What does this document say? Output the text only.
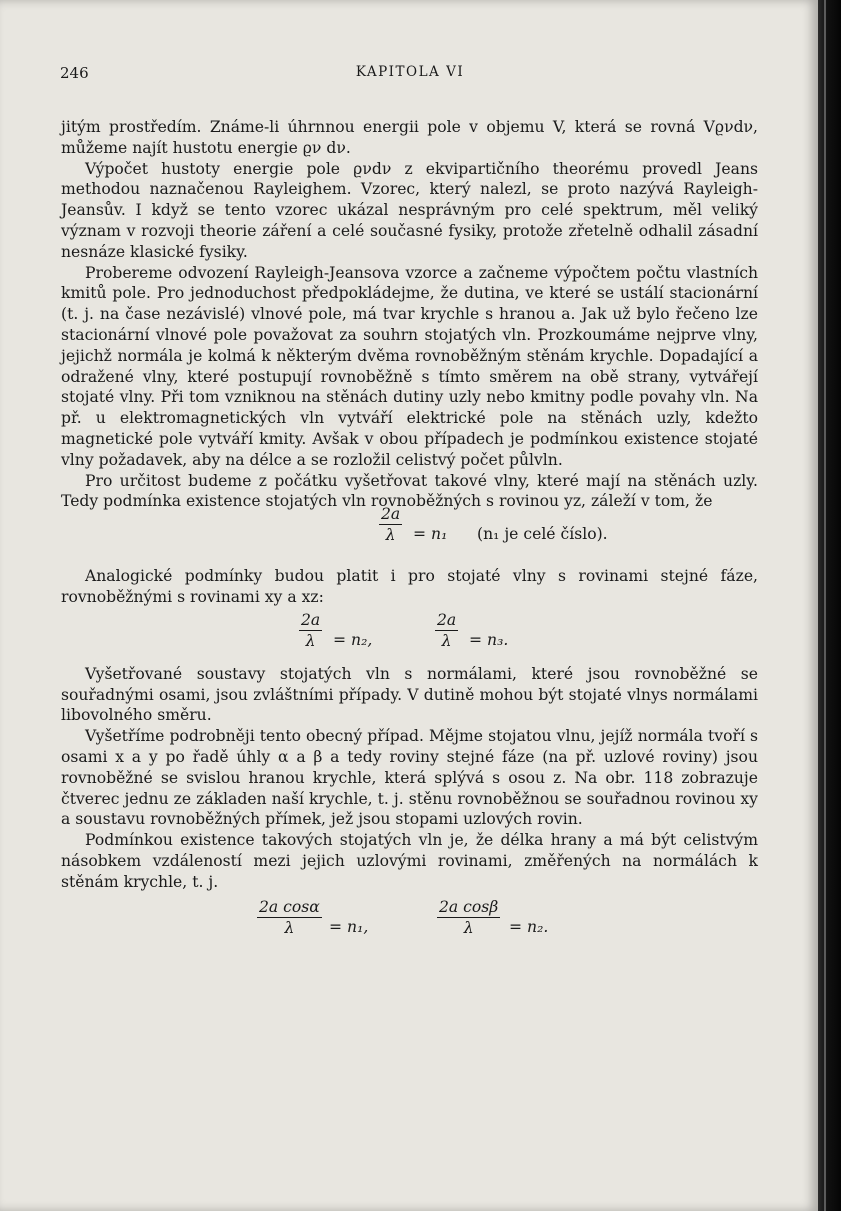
246	KAPITOLA VI

jitým prostředím. Známe-li úhrnnou energii pole v objemu V, která se rovná Vϱνdν, můžeme najít hustotu energie ϱν dν.

Výpočet hustoty energie pole ϱνdν z ekvipartičního theorému provedl Jeans methodou naznačenou Rayleighem. Vzorec, který nalezl, se proto nazývá Rayleigh-Jeansův. I když se tento vzorec ukázal nesprávným pro celé spektrum, měl veliký význam v rozvoji theorie záření a celé současné fysiky, protože zřetelně odhalil zásadní nesnáze klasické fysiky.

Probereme odvození Rayleigh-Jeansova vzorce a začneme výpočtem počtu vlastních kmitů pole. Pro jednoduchost předpokládejme, že dutina, ve které se ustálí stacionární (t. j. na čase nezávislé) vlnové pole, má tvar krychle s hranou a. Jak už bylo řečeno lze stacionární vlnové pole považovat za souhrn stojatých vln. Prozkoumáme nejprve vlny, jejichž normála je kolmá k některým dvěma rovnoběžným stěnám krychle. Dopadající a odražené vlny, které postupují rovnoběžně s tímto směrem na obě strany, vytvářejí stojaté vlny. Při tom vzniknou na stěnách dutiny uzly nebo kmitny podle povahy vln. Na př. u elektromagnetických vln vytváří elektrické pole na stěnách uzly, kdežto magnetické pole vytváří kmity. Avšak v obou případech je podmínkou existence stojaté vlny požadavek, aby na délce a se rozložil celistvý počet půlvln.

Pro určitost budeme z počátku vyšetřovat takové vlny, které mají na stěnách uzly. Tedy podmínka existence stojatých vln rovnoběžných s rovinou yz, záleží v tom, že

$\frac{2a}{\lambda} = n_1$ (n₁ je celé číslo).

Analogické podmínky budou platit i pro stojaté vlny s rovinami stejné fáze, rovnoběžnými s rovinami xy a xz:

$\frac{2a}{\lambda} = n_2$,	$\frac{2a}{\lambda} = n_3$.

Vyšetřované soustavy stojatých vln s normálami, které jsou rovnoběžné se souřadnými osami, jsou zvláštními případy. V dutině mohou být stojaté vlnys normálami libovolného směru.

Vyšetříme podrobněji tento obecný případ. Mějme stojatou vlnu, jejíž normála tvoří s osami x a y po řadě úhly α a β a tedy roviny stejné fáze (na př. uzlové roviny) jsou rovnoběžné se svislou hranou krychle, která splývá s osou z. Na obr. 118 zobrazuje čtverec jednu ze základen naší krychle, t. j. stěnu rovnoběžnou se souřadnou rovinou xy a soustavu rovnoběžných přímek, jež jsou stopami uzlových rovin.

Podmínkou existence takových stojatých vln je, že délka hrany a má být celistvým násobkem vzdáleností mezi jejich uzlovými rovinami, změřených na normálách k stěnám krychle, t. j.

$\frac{\text{2a cosα}}{\lambda} = n_1$,	$\frac{\text{2a cosβ}}{\lambda} = n_2$.
